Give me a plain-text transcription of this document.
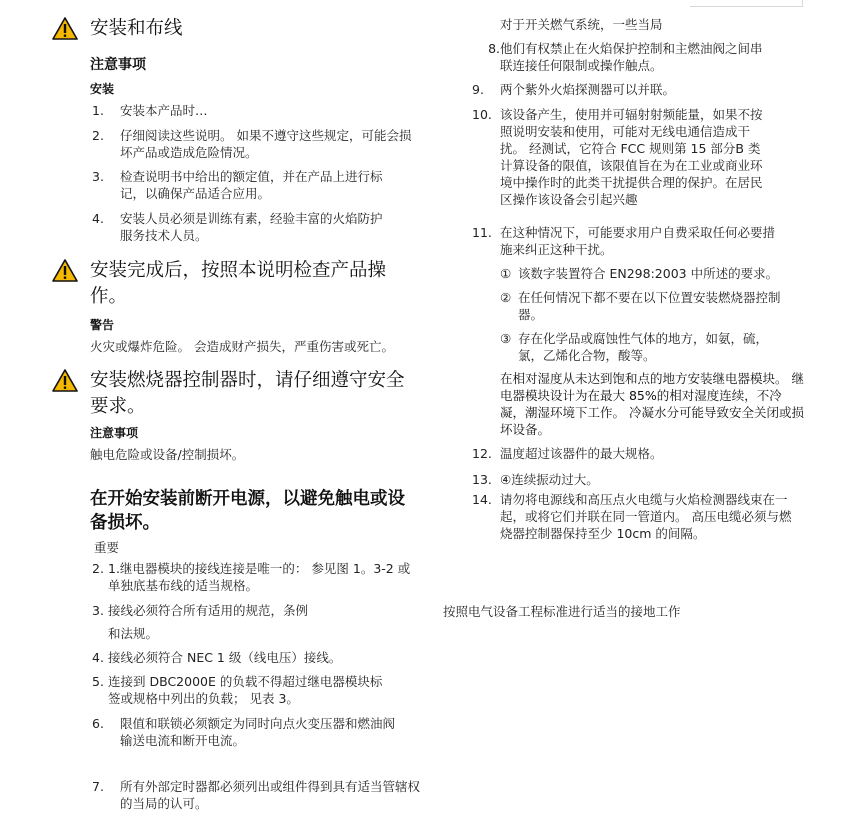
安装和布线
注意事项
安装
1.	安装本产品时…
2.	仔细阅读这些说明。 如果不遵守这些规定，可能会损坏产品或造成危险情况。
3.	检查说明书中给出的额定值，并在产品上进行标记，以确保产品适合应用。
4.	安装人员必须是训练有素，经验丰富的火焰防护服务技术人员。
安装完成后，按照本说明检查产品操作。
警告
火灾或爆炸危险。 会造成财产损失，严重伤害或死亡。
安装燃烧器控制器时，请仔细遵守安全要求。
注意事项
触电危险或设备/控制损坏。
在开始安装前断开电源，以避免触电或设备损坏。
重要
2. 1.继电器模块的接线连接是唯一的： 参见图 1。3-2 或单独底基布线的适当规格。
3. 接线必须符合所有适用的规范，条例
和法规。
4. 接线必须符合 NEC 1 级（线电压）接线。
5. 连接到 DBC2000E 的负载不得超过继电器模块标签或规格中列出的负载； 见表 3。
6.	限值和联锁必须额定为同时向点火变压器和燃油阀输送电流和断开电流。
7.	所有外部定时器都必须列出或组件得到具有适当管辖权的当局的认可。
对于开关燃气系统，一些当局
8. 他们有权禁止在火焰保护控制和主燃油阀之间串联连接任何限制或操作触点。
9.	两个紫外火焰探测器可以并联。
10. 该设备产生，使用并可辐射射频能量，如果不按照说明安装和使用，可能对无线电通信造成干扰。 经测试，它符合 FCC 规则第 15 部分B 类计算设备的限值，该限值旨在为在工业或商业环境中操作时的此类干扰提供合理的保护。在居民区操作该设备会引起兴趣
11. 在这种情况下，可能要求用户自费采取任何必要措施来纠正这种干扰。
① 该数字装置符合 EN298:2003 中所述的要求。
② 在任何情况下都不要在以下位置安装燃烧器控制器。
③ 存在化学品或腐蚀性气体的地方，如氨，硫，氯，乙烯化合物，酸等。
在相对湿度从未达到饱和点的地方安装继电器模块。 继电器模块设计为在最大 85%的相对湿度连续，不冷凝，潮湿环境下工作。 冷凝水分可能导致安全关闭或损坏设备。
12. 温度超过该器件的最大规格。
13. ④连续振动过大。
14. 请勿将电源线和高压点火电缆与火焰检测器线束在一起，或将它们并联在同一管道内。 高压电缆必须与燃烧器控制器保持至少 10cm 的间隔。
按照电气设备工程标准进行适当的接地工作
